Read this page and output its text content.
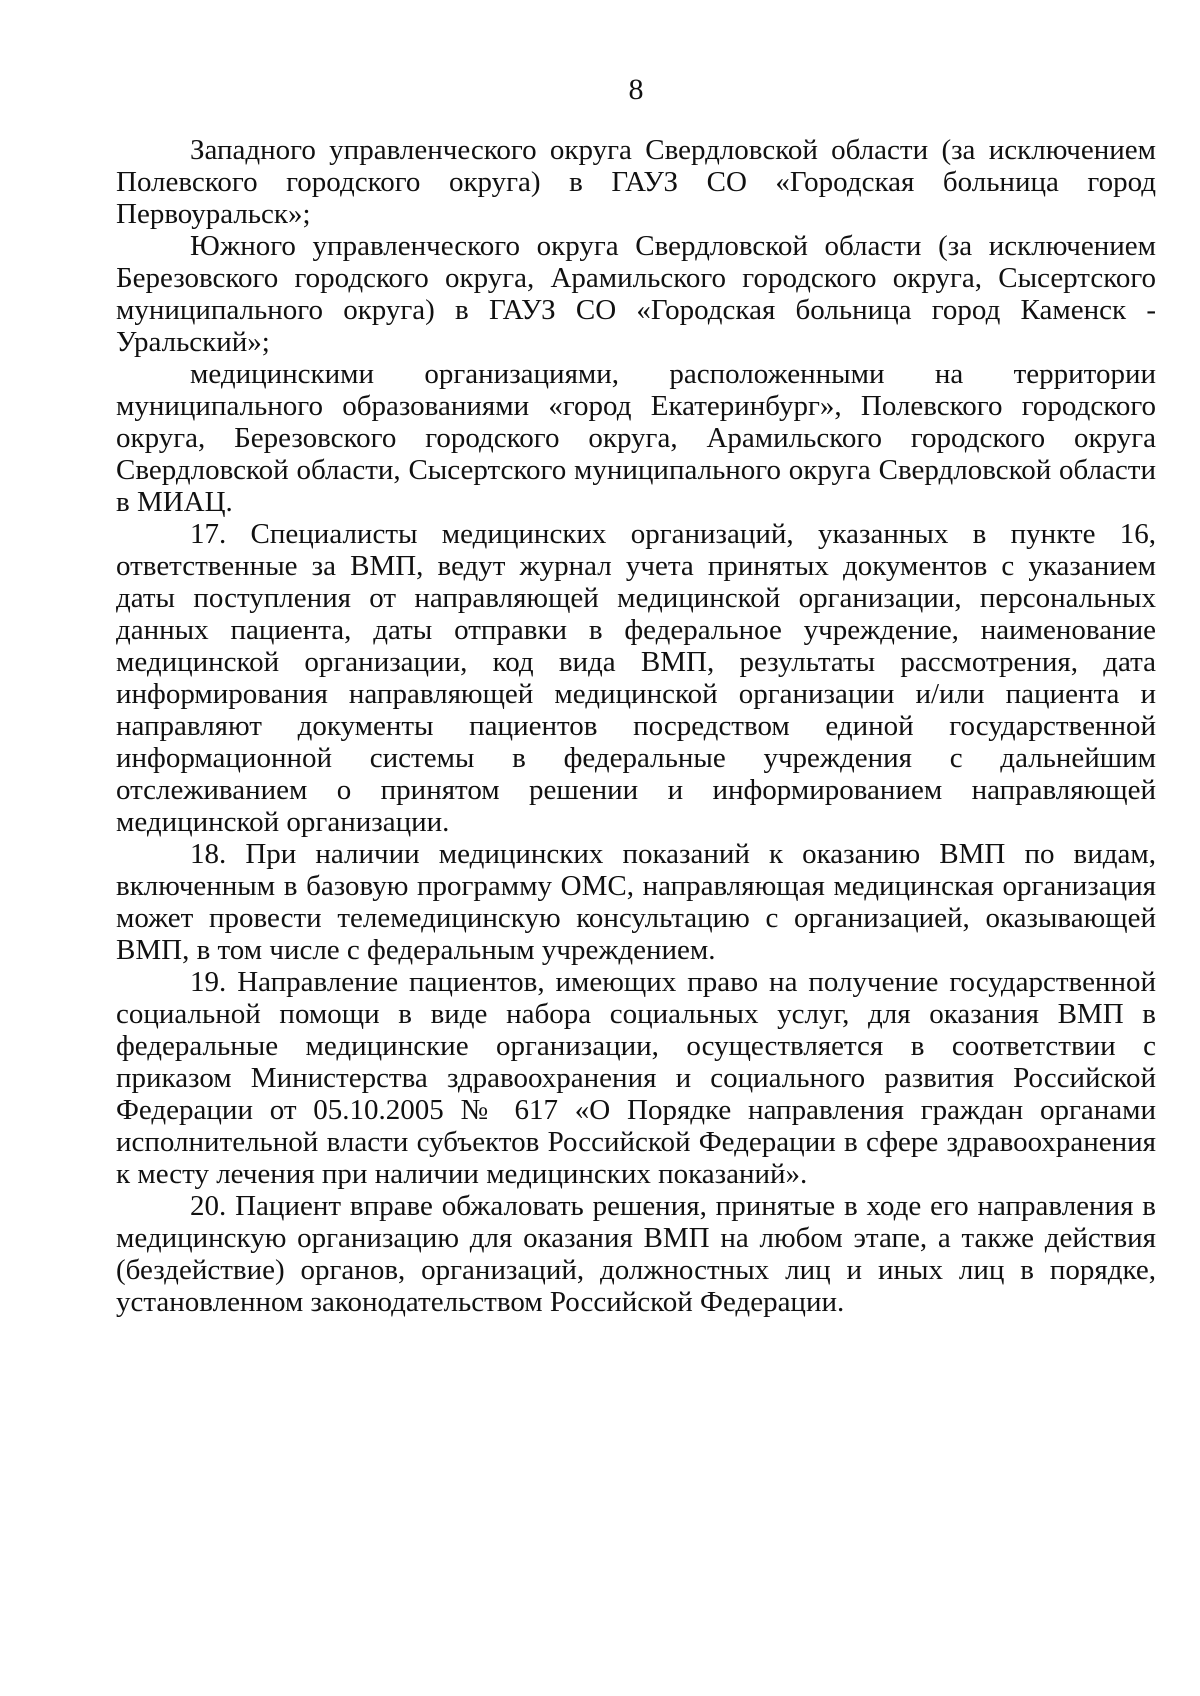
8

Западного управленческого округа Свердловской области (за исключением Полевского городского округа) в ГАУЗ СО «Городская больница город Первоуральск»;

Южного управленческого округа Свердловской области (за исключением Березовского городского округа, Арамильского городского округа, Сысертского муниципального округа) в ГАУЗ СО «Городская больница город Каменск - Уральский»;

медицинскими организациями, расположенными на территории муниципального образованиями «город Екатеринбург», Полевского городского округа, Березовского городского округа, Арамильского городского округа Свердловской области, Сысертского муниципального округа Свердловской области в МИАЦ.

17. Специалисты медицинских организаций, указанных в пункте 16, ответственные за ВМП, ведут журнал учета принятых документов с указанием даты поступления от направляющей медицинской организации, персональных данных пациента, даты отправки в федеральное учреждение, наименование медицинской организации, код вида ВМП, результаты рассмотрения, дата информирования направляющей медицинской организации и/или пациента и направляют документы пациентов посредством единой государственной информационной системы в федеральные учреждения с дальнейшим отслеживанием о принятом решении и информированием направляющей медицинской организации.

18. При наличии медицинских показаний к оказанию ВМП по видам, включенным в базовую программу ОМС, направляющая медицинская организация может провести телемедицинскую консультацию с организацией, оказывающей ВМП, в том числе с федеральным учреждением.

19. Направление пациентов, имеющих право на получение государственной социальной помощи в виде набора социальных услуг, для оказания ВМП в федеральные медицинские организации, осуществляется в соответствии с приказом Министерства здравоохранения и социального развития Российской Федерации от 05.10.2005 № 617 «О Порядке направления граждан органами исполнительной власти субъектов Российской Федерации в сфере здравоохранения к месту лечения при наличии медицинских показаний».

20. Пациент вправе обжаловать решения, принятые в ходе его направления в медицинскую организацию для оказания ВМП на любом этапе, а также действия (бездействие) органов, организаций, должностных лиц и иных лиц в порядке, установленном законодательством Российской Федерации.
